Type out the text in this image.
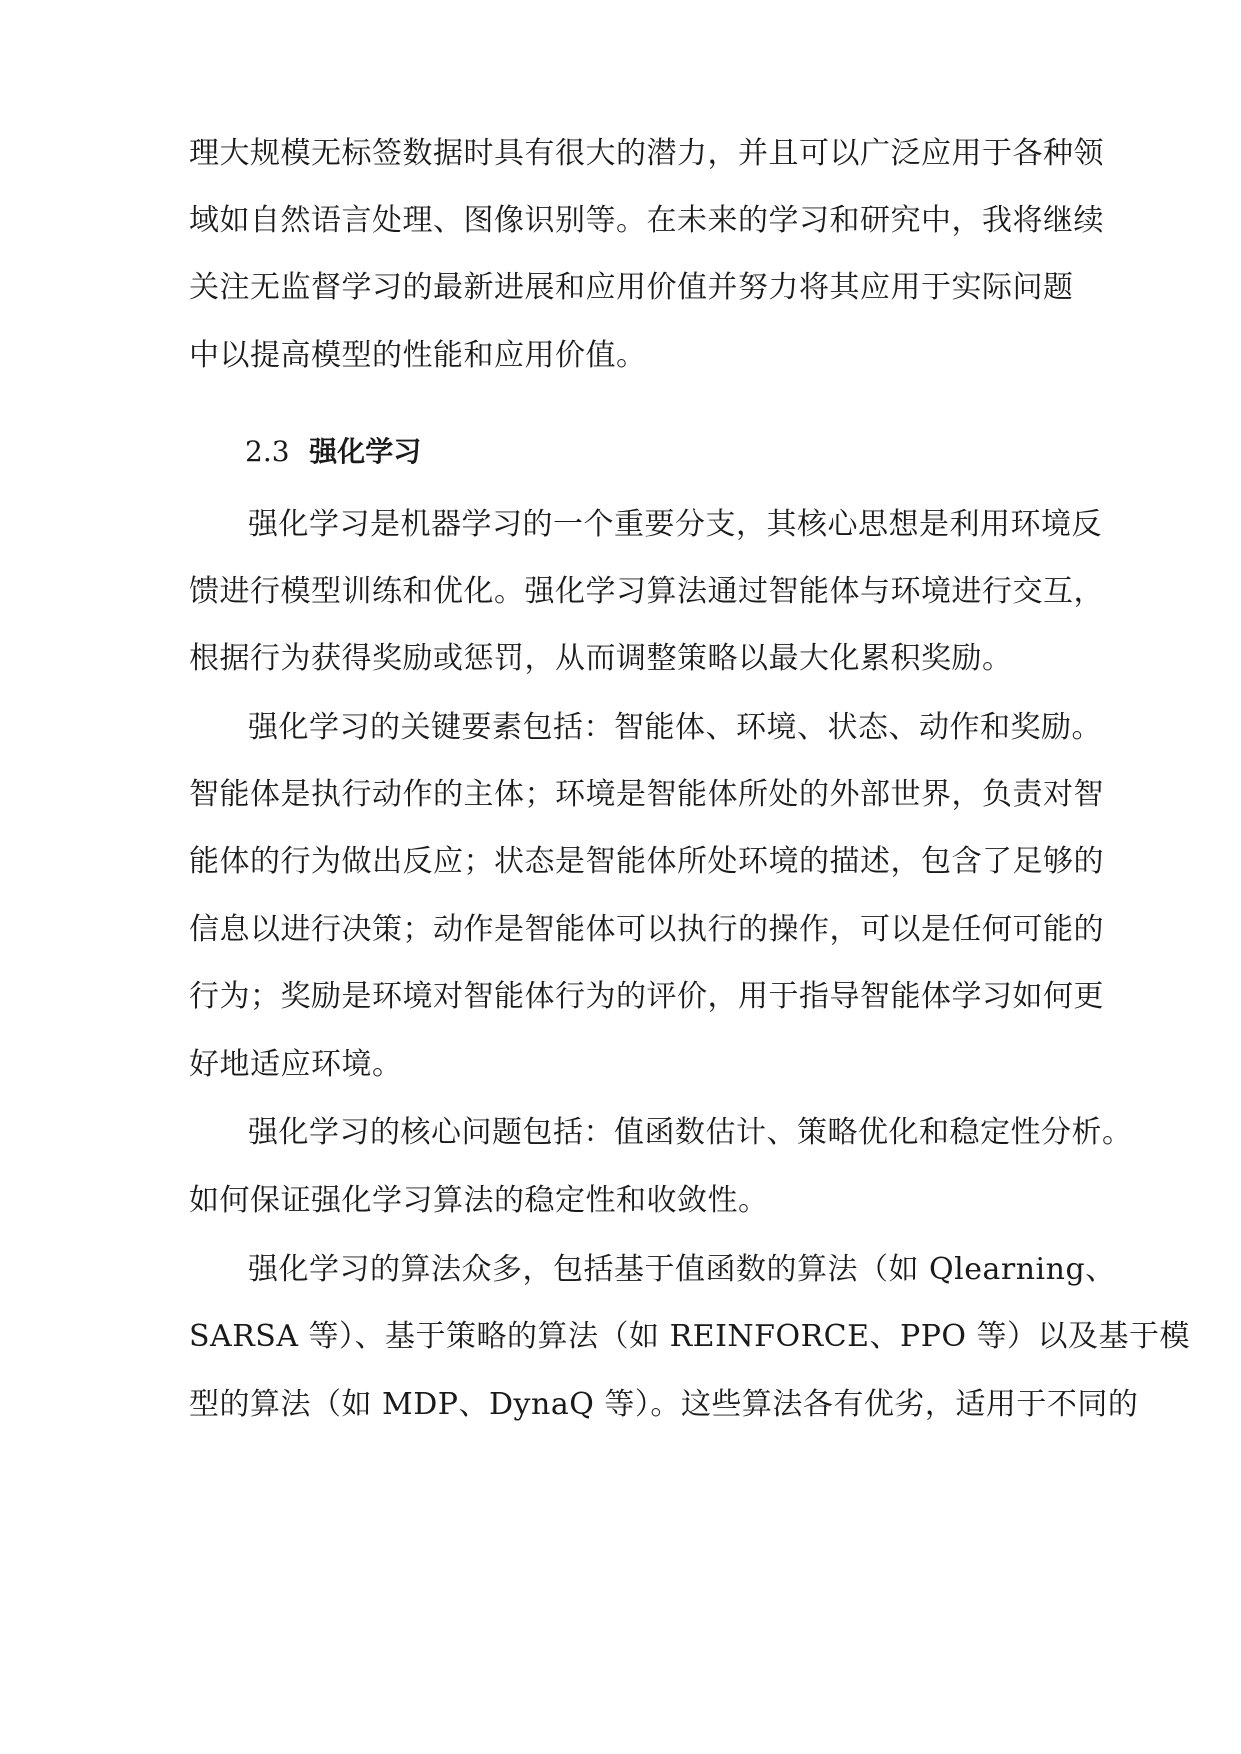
理大规模无标签数据时具有很大的潜力，并且可以广泛应用于各种领
域如自然语言处理、图像识别等。在未来的学习和研究中，我将继续
关注无监督学习的最新进展和应用价值并努力将其应用于实际问题
中以提高模型的性能和应用价值。
2.3 强化学习
强化学习是机器学习的一个重要分支，其核心思想是利用环境反
馈进行模型训练和优化。强化学习算法通过智能体与环境进行交互，
根据行为获得奖励或惩罚，从而调整策略以最大化累积奖励。
强化学习的关键要素包括：智能体、环境、状态、动作和奖励。
智能体是执行动作的主体；环境是智能体所处的外部世界，负责对智
能体的行为做出反应；状态是智能体所处环境的描述，包含了足够的
信息以进行决策；动作是智能体可以执行的操作，可以是任何可能的
行为；奖励是环境对智能体行为的评价，用于指导智能体学习如何更
好地适应环境。
强化学习的核心问题包括：值函数估计、策略优化和稳定性分析。
如何保证强化学习算法的稳定性和收敛性。
强化学习的算法众多，包括基于值函数的算法（如 Qlearning、
SARSA 等）、基于策略的算法（如 REINFORCE、PPO 等）以及基于模
型的算法（如 MDP、DynaQ 等）。这些算法各有优劣，适用于不同的
